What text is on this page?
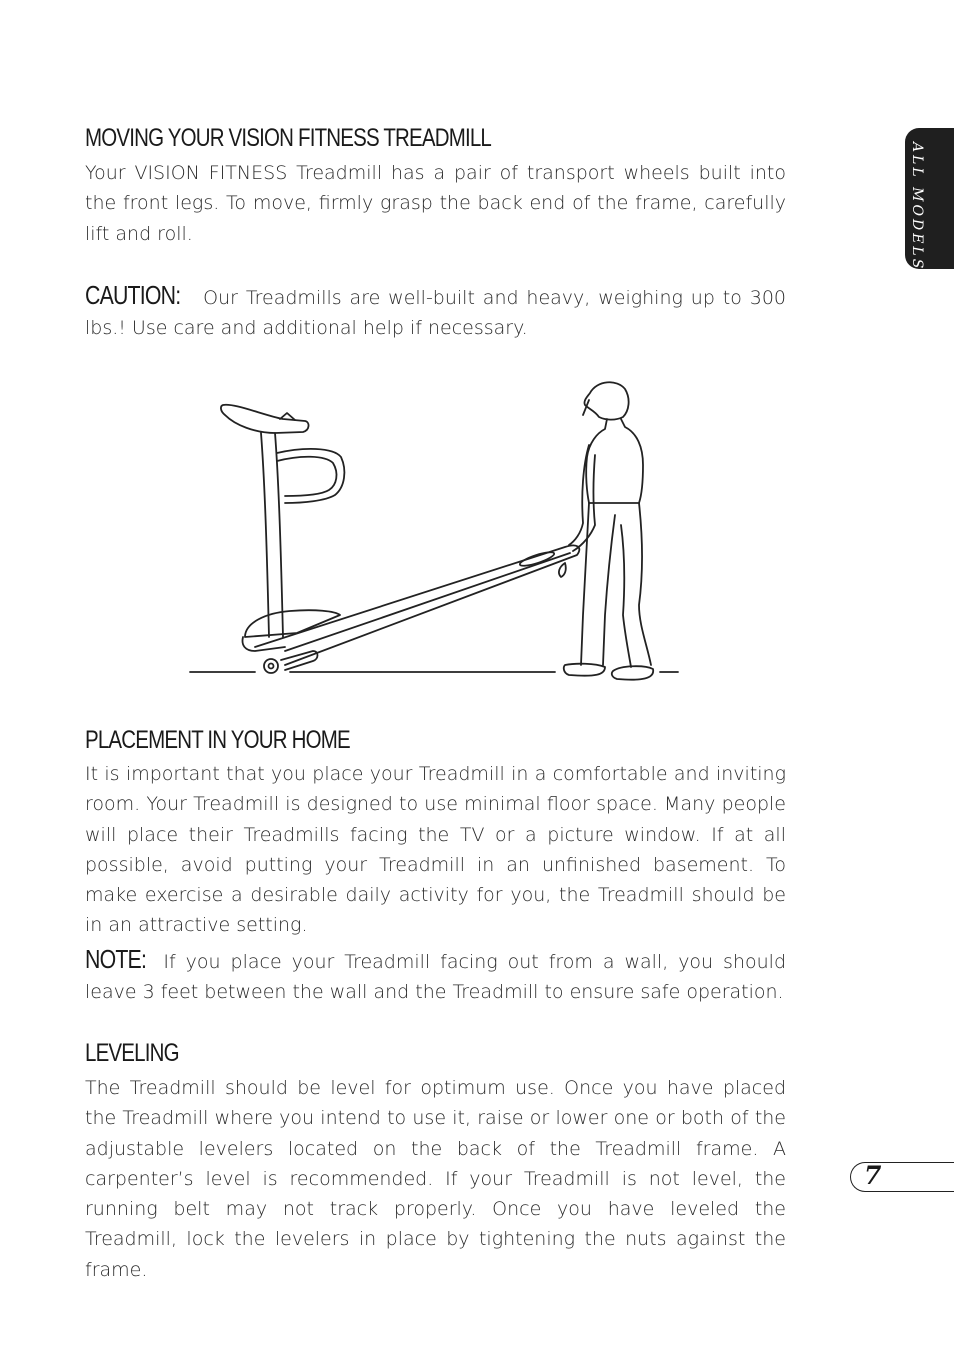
ALL MODELS
MOVING YOUR VISION FITNESS TREADMILL

Your VISION FITNESS Treadmill has a pair of transport wheels built into the front legs. To move, firmly grasp the back end of the frame, carefully lift and roll.

CAUTION: Our Treadmills are well-built and heavy, weighing up to 300 lbs.! Use care and additional help if necessary.

PLACEMENT IN YOUR HOME

It is important that you place your Treadmill in a comfortable and inviting room. Your Treadmill is designed to use minimal floor space. Many people will place their Treadmills facing the TV or a picture window. If at all possible, avoid putting your Treadmill in an unfinished basement. To make exercise a desirable daily activity for you, the Treadmill should be in an attractive setting.

NOTE: If you place your Treadmill facing out from a wall, you should leave 3 feet between the wall and the Treadmill to ensure safe operation.

LEVELING

The Treadmill should be level for optimum use. Once you have placed the Treadmill where you intend to use it, raise or lower one or both of the adjustable levelers located on the back of the Treadmill frame. A carpenter’s level is recommended. If your Treadmill is not level, the running belt may not track properly. Once you have leveled the Treadmill, lock the levelers in place by tightening the nuts against the frame.

7
